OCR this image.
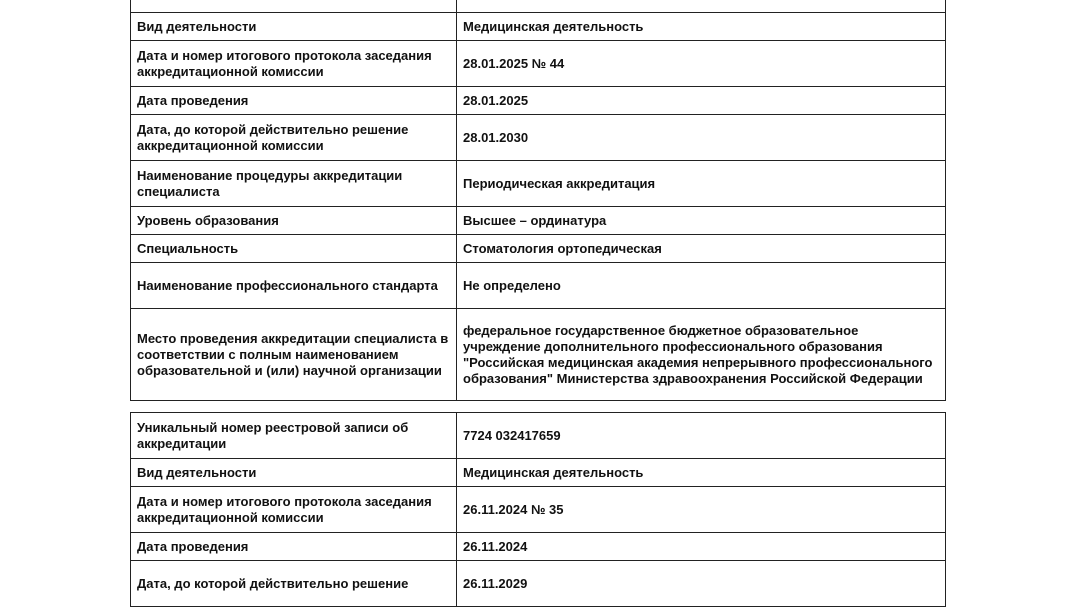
Вид деятельности	Медицинская деятельность
Дата и номер итогового протокола заседания аккредитационной комиссии	28.01.2025 № 44
Дата проведения	28.01.2025
Дата, до которой действительно решение аккредитационной комиссии	28.01.2030
Наименование процедуры аккредитации специалиста	Периодическая аккредитация
Уровень образования	Высшее – ординатура
Специальность	Стоматология ортопедическая
Наименование профессионального стандарта	Не определено
Место проведения аккредитации специалиста в соответствии с полным наименованием образовательной и (или) научной организации	федеральное государственное бюджетное образовательное учреждение дополнительного профессионального образования "Российская медицинская академия непрерывного профессионального образования" Министерства здравоохранения Российской Федерации
Уникальный номер реестровой записи об аккредитации	7724 032417659
Вид деятельности	Медицинская деятельность
Дата и номер итогового протокола заседания аккредитационной комиссии	26.11.2024 № 35
Дата проведения	26.11.2024
Дата, до которой действительно решение	26.11.2029
